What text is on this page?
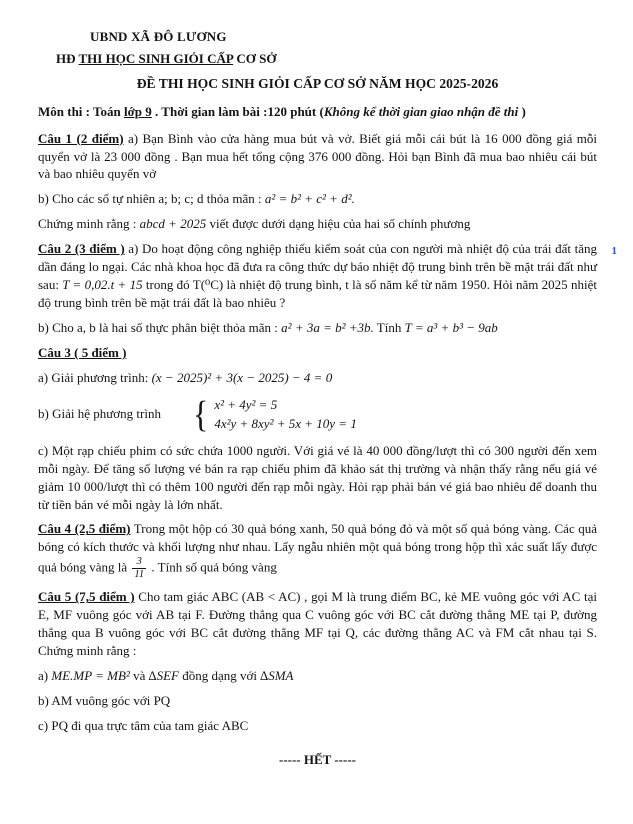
UBND XÃ ĐÔ LƯƠNG
HĐ THI HỌC SINH GIỎI CẤP CƠ SỞ
ĐỀ THI HỌC SINH GIỎI CẤP CƠ SỞ NĂM HỌC 2025-2026
Môn thi : Toán lớp 9 . Thời gian làm bài :120 phút (Không kể thời gian giao nhận đề thi )

Câu 1 (2 điểm) a) Bạn Bình vào cửa hàng mua bút và vở. Biết giá mỗi cái bút là 16 000 đồng giá mỗi quyển vở là 23 000 đồng . Bạn mua hết tổng cộng 376 000 đồng. Hỏi bạn Bình đã mua bao nhiêu cái bút và bao nhiêu quyển vở

b) Cho các số tự nhiên a; b; c; d thỏa mãn : a² = b² + c² + d².

Chứng minh rằng : abcd + 2025 viết được dưới dạng hiệu của hai số chính phương

Câu 2 (3 điểm ) a) Do hoạt động công nghiệp thiếu kiểm soát của con người mà nhiệt độ của trái đất tăng dần đáng lo ngại. Các nhà khoa học đã đưa ra công thức dự báo nhiệt độ trung bình trên bề mặt trái đất như sau: T = 0,02.t + 15 trong đó T(⁰C) là nhiệt độ trung bình, t là số năm kể từ năm 1950. Hỏi năm 2025 nhiệt độ trung bình trên bề mặt trái đất là bao nhiêu ?

1

b) Cho a, b là hai số thực phân biệt thỏa mãn : a² + 3a = b² +3b. Tính T = a³ + b³ − 9ab

Câu 3 ( 5 điểm )

a) Giải phương trình: (x − 2025)² + 3(x − 2025) − 4 = 0

b) Giải hệ phương trình { x² + 4y² = 5
4x²y + 8xy² + 5x + 10y = 1

c) Một rạp chiếu phim có sức chứa 1000 người. Với giá vé là 40 000 đồng/lượt thì có 300 người đến xem mỗi ngày. Để tăng số lượng vé bán ra rạp chiếu phim đã khảo sát thị trường và nhận thấy rằng nếu giá vé giảm 10 000/lượt thì có thêm 100 người đến rạp mỗi ngày. Hỏi rạp phải bán vé giá bao nhiêu để doanh thu từ tiền bán vé mỗi ngày là lớn nhất.

Câu 4 (2,5 điểm) Trong một hộp có 30 quả bóng xanh, 50 quả bóng đỏ và một số quả bóng vàng. Các quả bóng có kích thước và khối lượng như nhau. Lấy ngẫu nhiên một quả bóng trong hộp thì xác suất lấy được quả bóng vàng là $\frac{3}{11}$ . Tính số quả bóng vàng

Câu 5 (7,5 điểm ) Cho tam giác ABC (AB < AC) , gọi M là trung điểm BC, kẻ ME vuông góc với AC tại E, MF vuông góc với AB tại F. Đường thẳng qua C vuông góc với BC cắt đường thẳng ME tại P, đường thẳng qua B vuông góc với BC cắt đường thẳng MF tại Q, các đường thẳng AC và FM cắt nhau tại S. Chứng minh rằng :

a) ME.MP = MB² và ∆SEF đồng dạng với ∆SMA

b) AM vuông góc với PQ

c) PQ đi qua trực tâm của tam giác ABC

----- HẾT -----
